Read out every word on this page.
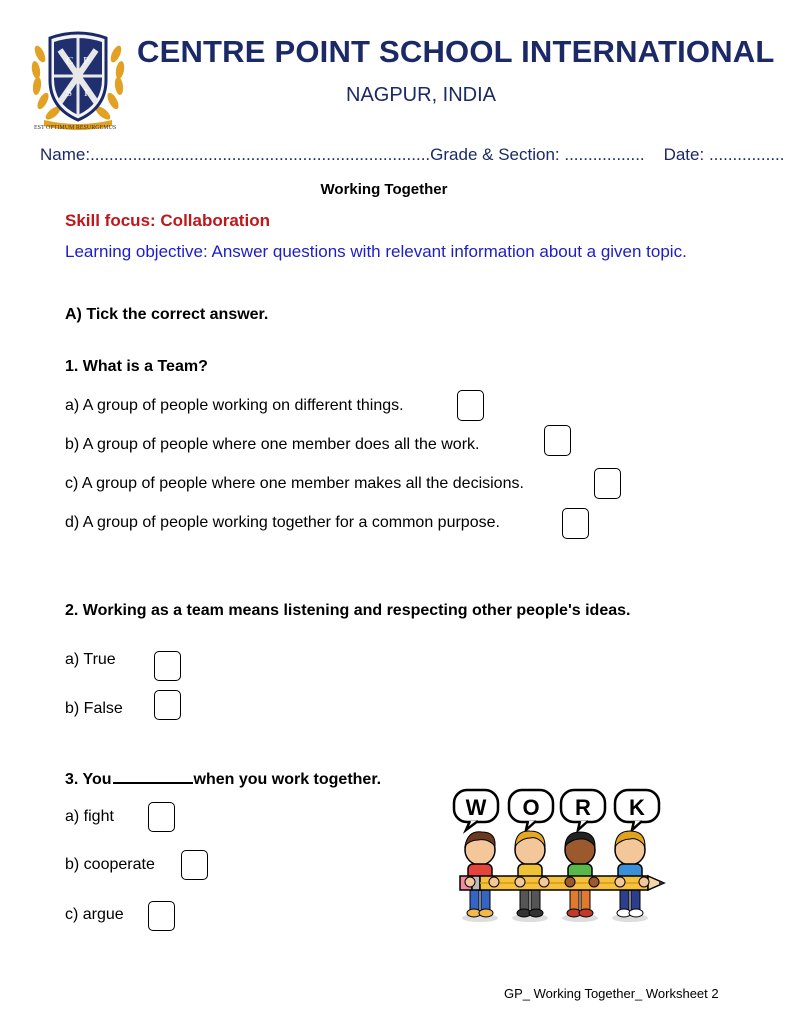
C P
S I
EST OPTIMUM RESURGEMUS
CENTRE POINT SCHOOL INTERNATIONAL
NAGPUR, INDIA
Name:........................................................................Grade & Section: ................. Date: ................
Working Together
Skill focus: Collaboration
Learning objective: Answer questions with relevant information about a given topic.
A) Tick the correct answer.
1. What is a Team?
a) A group of people working on different things.
b) A group of people where one member does all the work.
c) A group of people where one member makes all the decisions.
d) A group of people working together for a common purpose.
2. Working as a team means listening and respecting other people's ideas.
a) True
b) False
3. You	when you work together.
a) fight
b) cooperate
c) argue
W O R K
GP_ Working Together_ Worksheet 2
